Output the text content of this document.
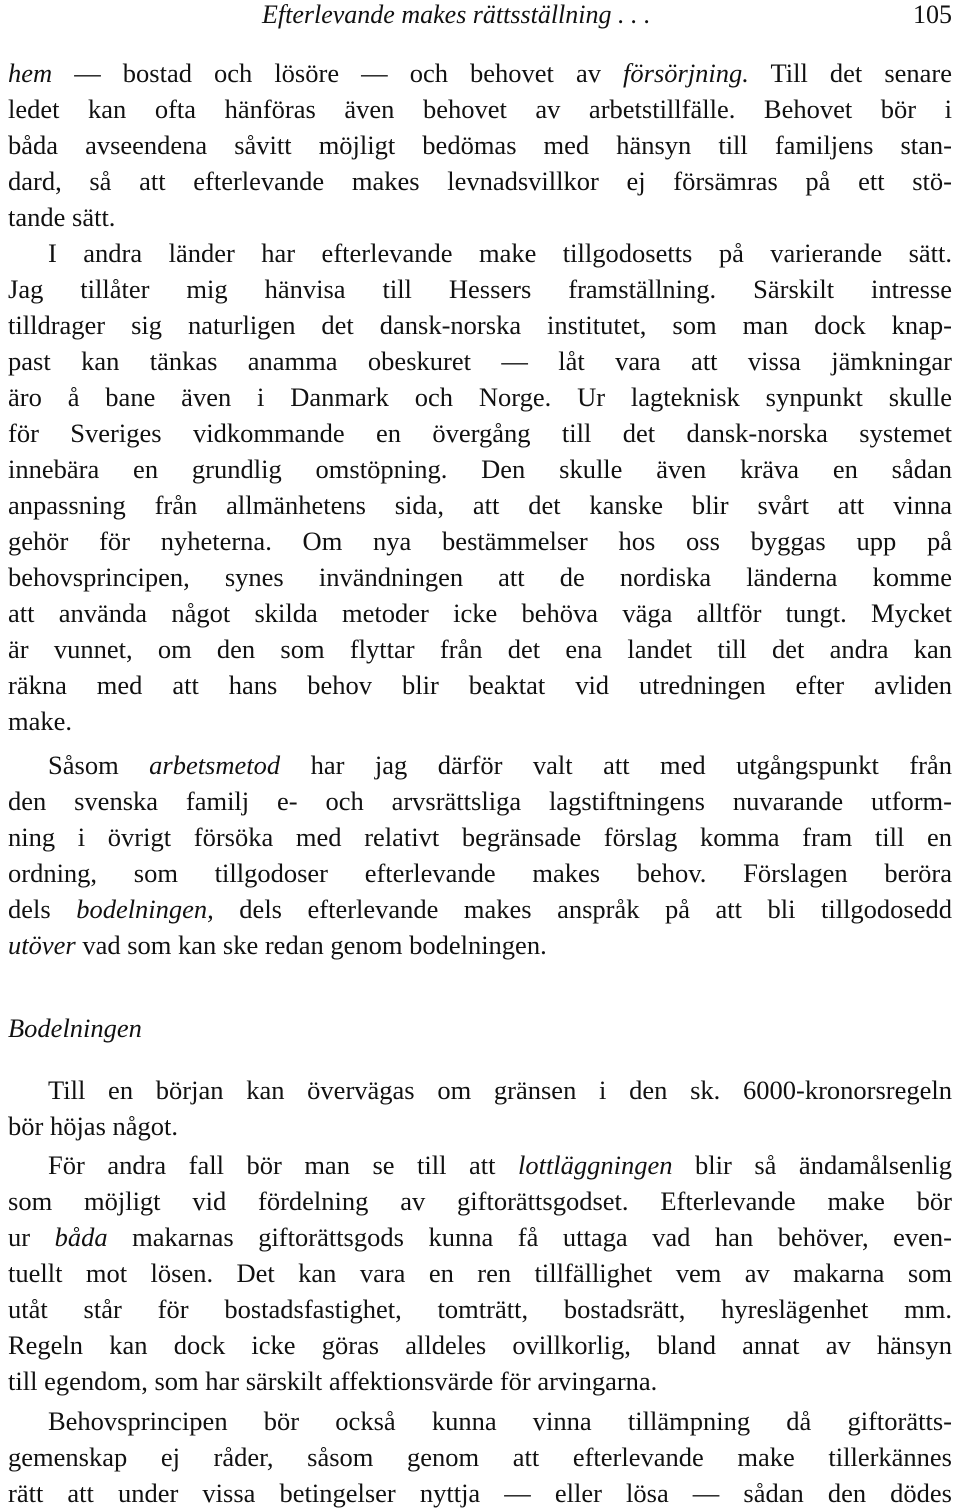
Efterlevande makes rättsställning . . .	105
Bodelningen
hem — bostad och lösöre — och behovet av försörjning. Till det senare
ledet kan ofta hänföras även behovet av arbetstillfälle. Behovet bör i
båda avseendena såvitt möjligt bedömas med hänsyn till familjens stan-
dard, så att efterlevande makes levnadsvillkor ej försämras på ett stö-
tande sätt.
I andra länder har efterlevande make tillgodosetts på varierande sätt.
Jag tillåter mig hänvisa till Hessers framställning. Särskilt intresse
tilldrager sig naturligen det dansk-norska institutet, som man dock knap-
past kan tänkas anamma obeskuret — låt vara att vissa jämkningar
äro å bane även i Danmark och Norge. Ur lagteknisk synpunkt skulle
för Sveriges vidkommande en övergång till det dansk-norska systemet
innebära en grundlig omstöpning. Den skulle även kräva en sådan
anpassning från allmänhetens sida, att det kanske blir svårt att vinna
gehör för nyheterna. Om nya bestämmelser hos oss byggas upp på
behovsprincipen, synes invändningen att de nordiska länderna komme
att använda något skilda metoder icke behöva väga alltför tungt. Mycket
är vunnet, om den som flyttar från det ena landet till det andra kan
räkna med att hans behov blir beaktat vid utredningen efter avliden
make.
Såsom arbetsmetod har jag därför valt att med utgångspunkt från
den svenska familj e- och arvsrättsliga lagstiftningens nuvarande utform-
ning i övrigt försöka med relativt begränsade förslag komma fram till en
ordning, som tillgodoser efterlevande makes behov. Förslagen beröra
dels bodelningen, dels efterlevande makes anspråk på att bli tillgodosedd
utöver vad som kan ske redan genom bodelningen.
Till en början kan övervägas om gränsen i den sk. 6000-kronorsregeln
bör höjas något.
För andra fall bör man se till att lottläggningen blir så ändamålsenlig
som möjligt vid fördelning av giftorättsgodset. Efterlevande make bör
ur båda makarnas giftorättsgods kunna få uttaga vad han behöver, even-
tuellt mot lösen. Det kan vara en ren tillfällighet vem av makarna som
utåt står för bostadsfastighet, tomträtt, bostadsrätt, hyreslägenhet mm.
Regeln kan dock icke göras alldeles ovillkorlig, bland annat av hänsyn
till egendom, som har särskilt affektionsvärde för arvingarna.
Behovsprincipen bör också kunna vinna tillämpning då giftorätts-
gemenskap ej råder, såsom genom att efterlevande make tillerkännes
rätt att under vissa betingelser nyttja — eller lösa — sådan den dödes
